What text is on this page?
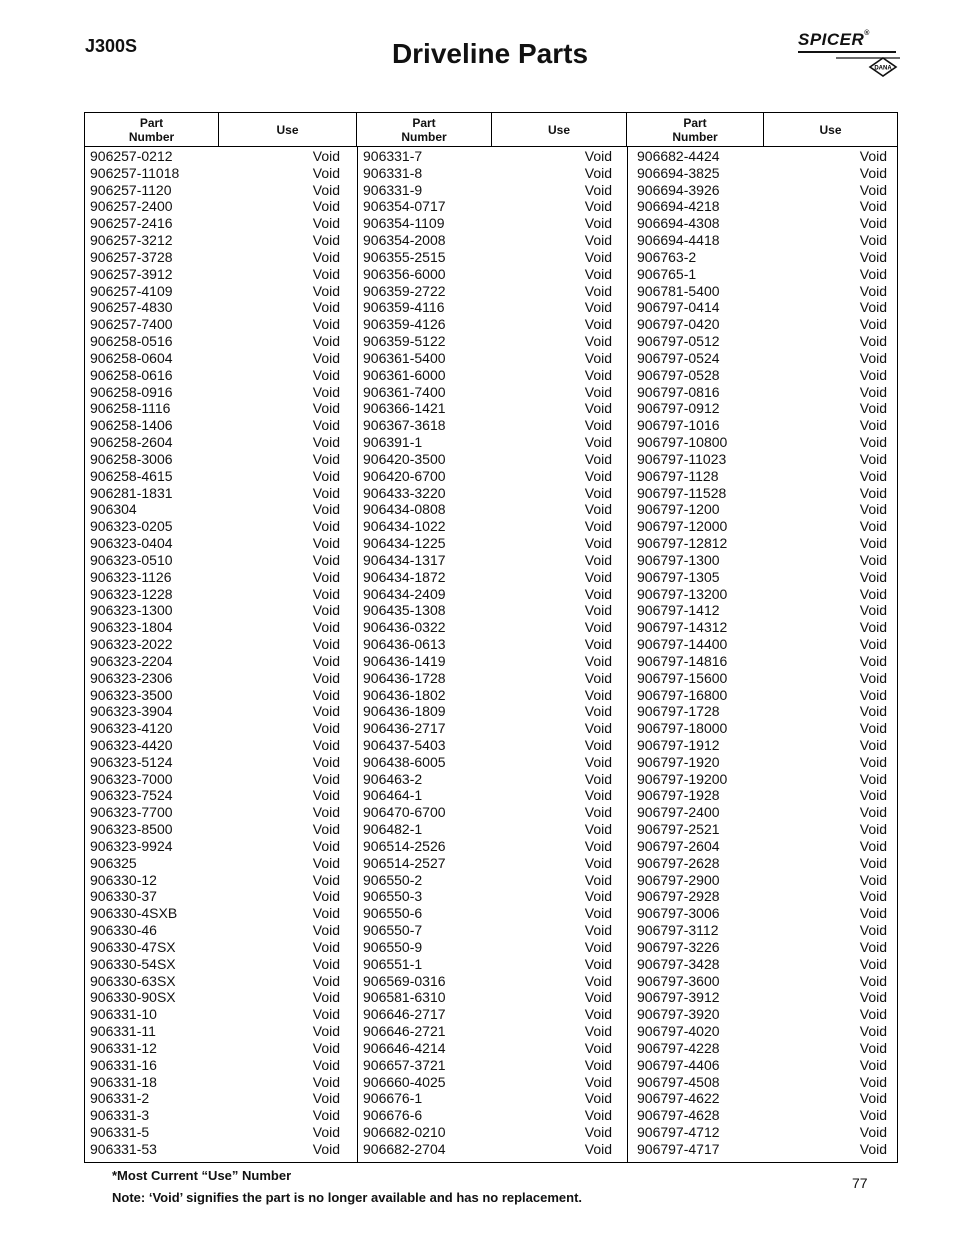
J300S	Driveline Parts	SPICER®
DANA
Part
Number	Use	Part
Number	Use	Part
Number	Use
906257-0212	Void
906257-11018	Void
906257-1120	Void
906257-2400	Void
906257-2416	Void
906257-3212	Void
906257-3728	Void
906257-3912	Void
906257-4109	Void
906257-4830	Void
906257-7400	Void
906258-0516	Void
906258-0604	Void
906258-0616	Void
906258-0916	Void
906258-1116	Void
906258-1406	Void
906258-2604	Void
906258-3006	Void
906258-4615	Void
906281-1831	Void
906304	Void
906323-0205	Void
906323-0404	Void
906323-0510	Void
906323-1126	Void
906323-1228	Void
906323-1300	Void
906323-1804	Void
906323-2022	Void
906323-2204	Void
906323-2306	Void
906323-3500	Void
906323-3904	Void
906323-4120	Void
906323-4420	Void
906323-5124	Void
906323-7000	Void
906323-7524	Void
906323-7700	Void
906323-8500	Void
906323-9924	Void
906325	Void
906330-12	Void
906330-37	Void
906330-4SXB	Void
906330-46	Void
906330-47SX	Void
906330-54SX	Void
906330-63SX	Void
906330-90SX	Void
906331-10	Void
906331-11	Void
906331-12	Void
906331-16	Void
906331-18	Void
906331-2	Void
906331-3	Void
906331-5	Void
906331-53	Void
906331-7	Void
906331-8	Void
906331-9	Void
906354-0717	Void
906354-1109	Void
906354-2008	Void
906355-2515	Void
906356-6000	Void
906359-2722	Void
906359-4116	Void
906359-4126	Void
906359-5122	Void
906361-5400	Void
906361-6000	Void
906361-7400	Void
906366-1421	Void
906367-3618	Void
906391-1	Void
906420-3500	Void
906420-6700	Void
906433-3220	Void
906434-0808	Void
906434-1022	Void
906434-1225	Void
906434-1317	Void
906434-1872	Void
906434-2409	Void
906435-1308	Void
906436-0322	Void
906436-0613	Void
906436-1419	Void
906436-1728	Void
906436-1802	Void
906436-1809	Void
906436-2717	Void
906437-5403	Void
906438-6005	Void
906463-2	Void
906464-1	Void
906470-6700	Void
906482-1	Void
906514-2526	Void
906514-2527	Void
906550-2	Void
906550-3	Void
906550-6	Void
906550-7	Void
906550-9	Void
906551-1	Void
906569-0316	Void
906581-6310	Void
906646-2717	Void
906646-2721	Void
906646-4214	Void
906657-3721	Void
906660-4025	Void
906676-1	Void
906676-6	Void
906682-0210	Void
906682-2704	Void
906682-4424	Void
906694-3825	Void
906694-3926	Void
906694-4218	Void
906694-4308	Void
906694-4418	Void
906763-2	Void
906765-1	Void
906781-5400	Void
906797-0414	Void
906797-0420	Void
906797-0512	Void
906797-0524	Void
906797-0528	Void
906797-0816	Void
906797-0912	Void
906797-1016	Void
906797-10800	Void
906797-11023	Void
906797-1128	Void
906797-11528	Void
906797-1200	Void
906797-12000	Void
906797-12812	Void
906797-1300	Void
906797-1305	Void
906797-13200	Void
906797-1412	Void
906797-14312	Void
906797-14400	Void
906797-14816	Void
906797-15600	Void
906797-16800	Void
906797-1728	Void
906797-18000	Void
906797-1912	Void
906797-1920	Void
906797-19200	Void
906797-1928	Void
906797-2400	Void
906797-2521	Void
906797-2604	Void
906797-2628	Void
906797-2900	Void
906797-2928	Void
906797-3006	Void
906797-3112	Void
906797-3226	Void
906797-3428	Void
906797-3600	Void
906797-3912	Void
906797-3920	Void
906797-4020	Void
906797-4228	Void
906797-4406	Void
906797-4508	Void
906797-4622	Void
906797-4628	Void
906797-4712	Void
906797-4717	Void
*Most Current “Use” Number
Note: ‘Void’ signifies the part is no longer available and has no replacement.
77
